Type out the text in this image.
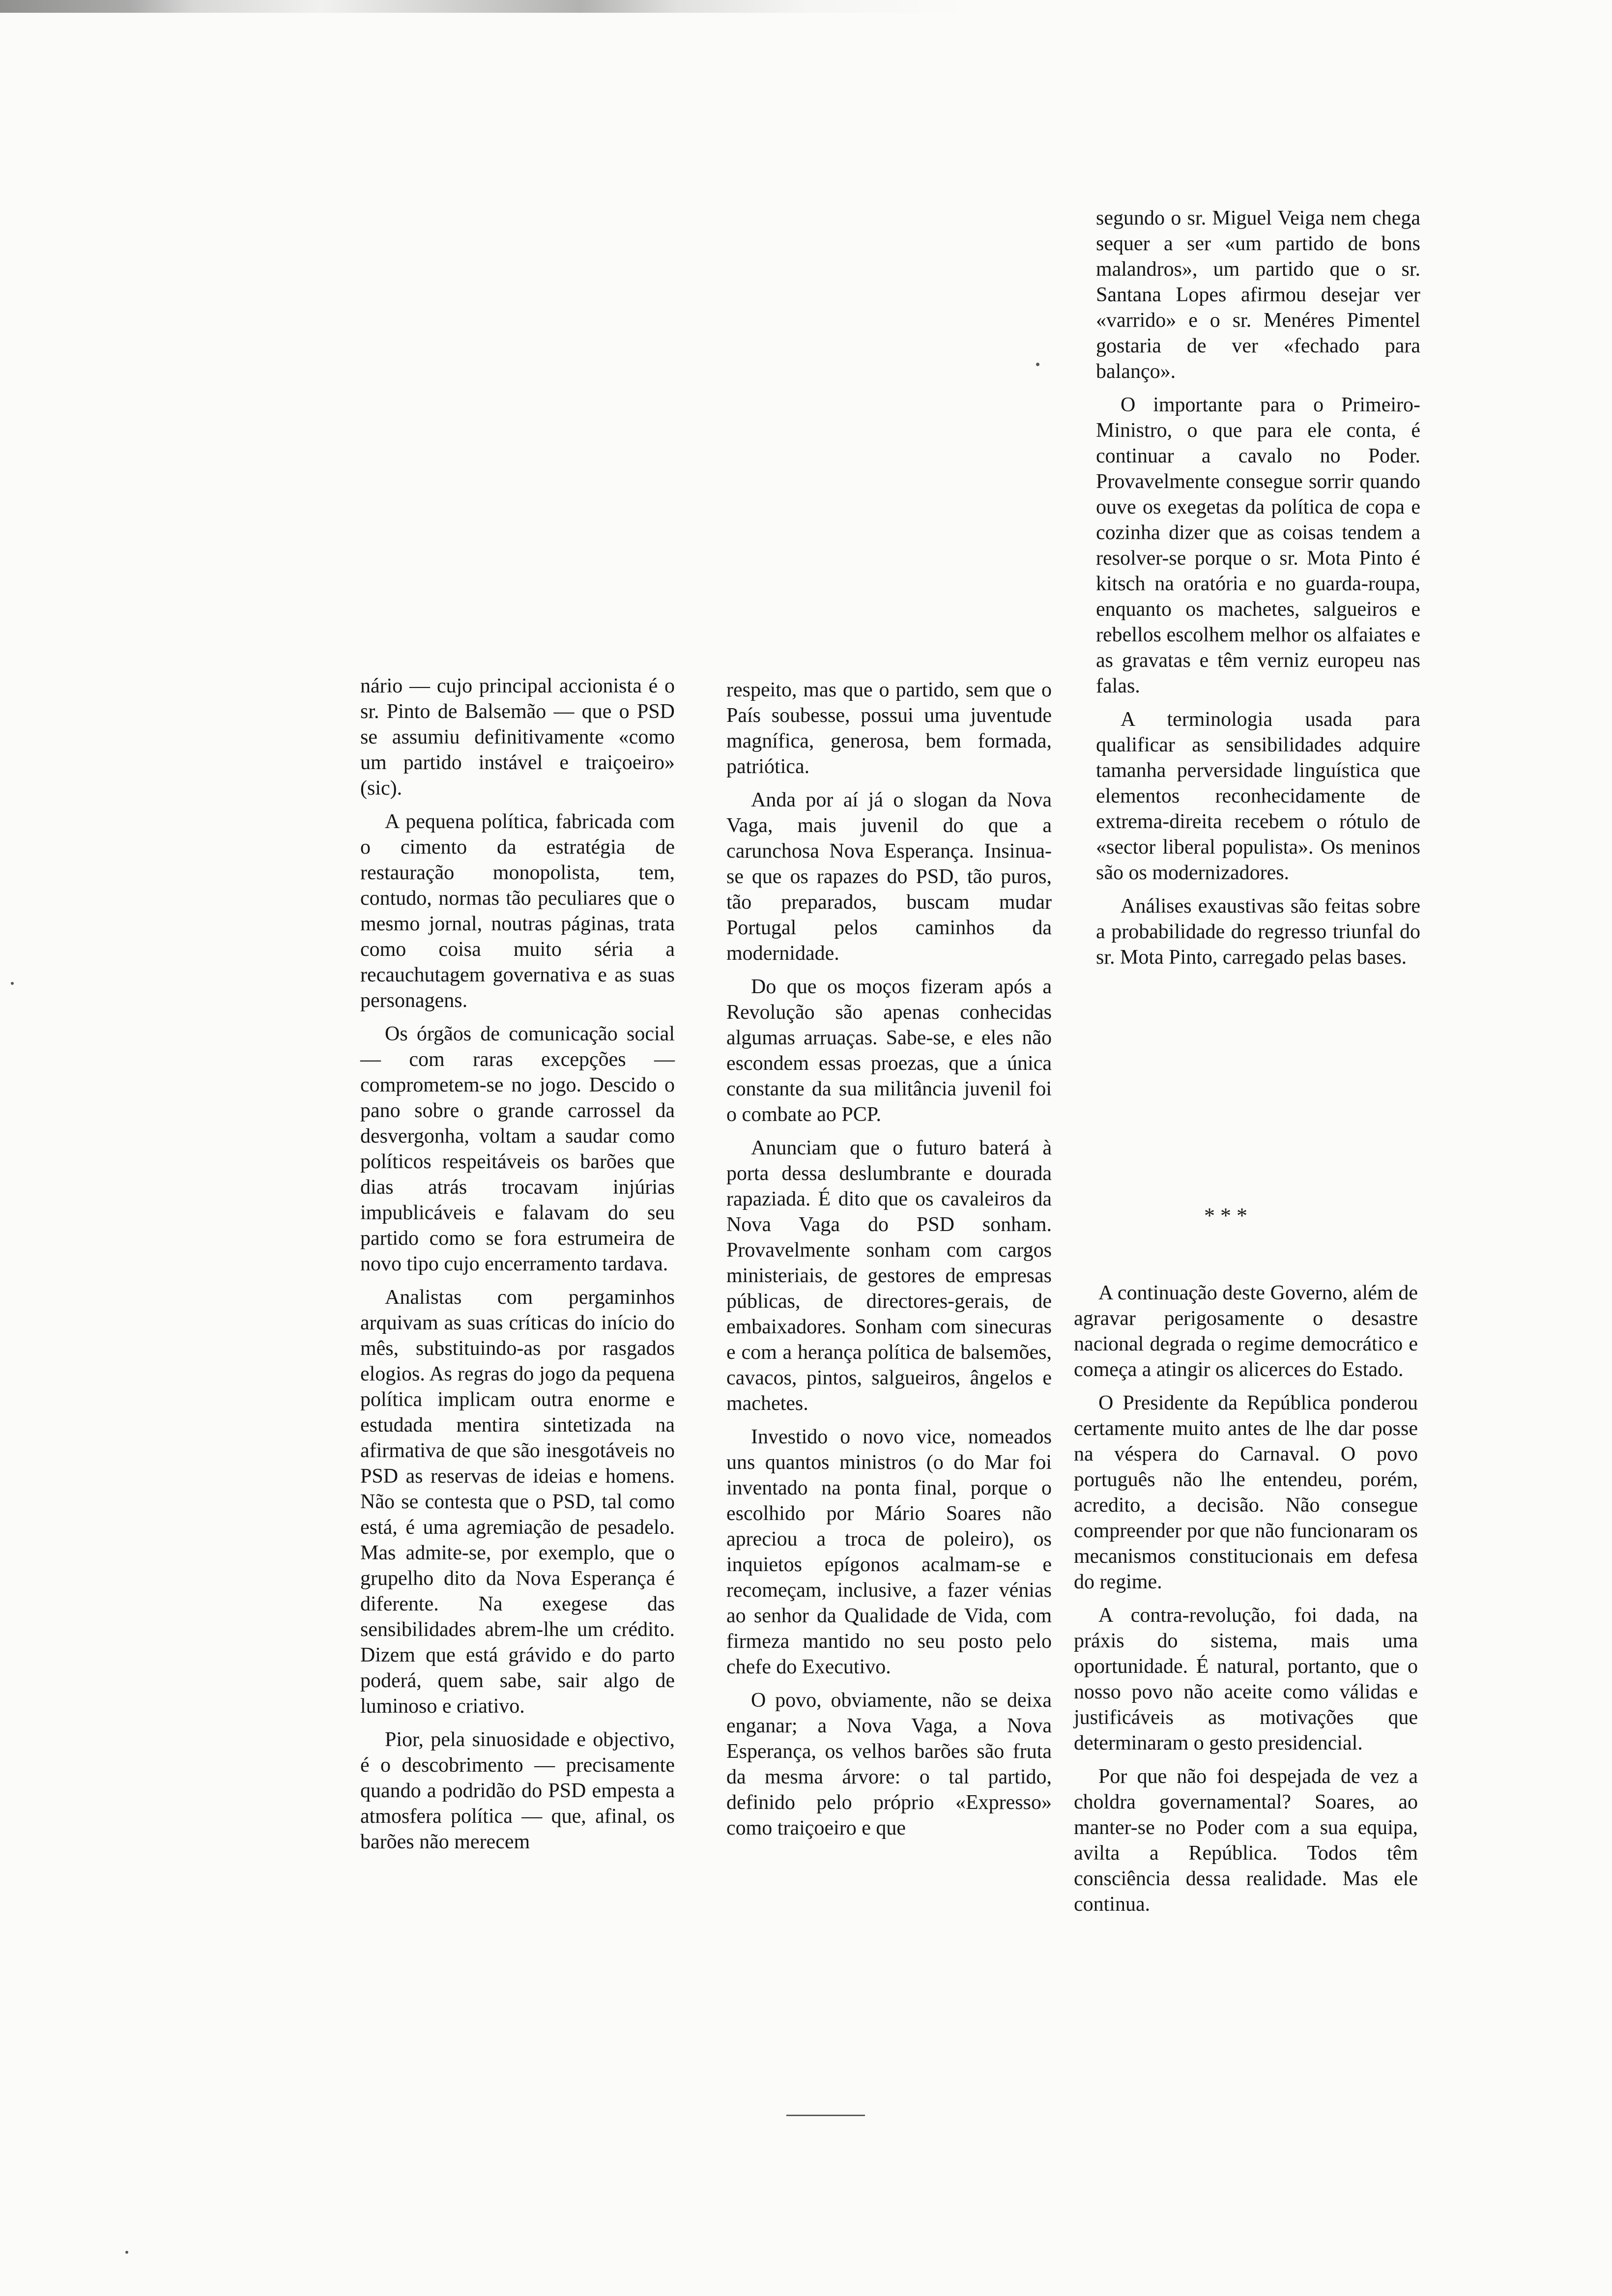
nário — cujo principal accionista é o sr. Pinto de Balsemão — que o PSD se assumiu definitivamente «como um partido instável e traiçoeiro» (sic).

A pequena política, fabricada com o cimento da estratégia de restauração monopolista, tem, contudo, normas tão peculiares que o mesmo jornal, noutras páginas, trata como coisa muito séria a recauchutagem governativa e as suas personagens.

Os órgãos de comunicação social — com raras excepções — comprometem-se no jogo. Descido o pano sobre o grande carrossel da desvergonha, voltam a saudar como políticos respeitáveis os barões que dias atrás trocavam injúrias impublicáveis e falavam do seu partido como se fora estrumeira de novo tipo cujo encerramento tardava.

Analistas com pergaminhos arquivam as suas críticas do início do mês, substituindo-as por rasgados elogios. As regras do jogo da pequena política implicam outra enorme e estudada mentira sintetizada na afirmativa de que são inesgotáveis no PSD as reservas de ideias e homens. Não se contesta que o PSD, tal como está, é uma agremiação de pesadelo. Mas admite-se, por exemplo, que o grupelho dito da Nova Esperança é diferente. Na exegese das sensibilidades abrem-lhe um crédito. Dizem que está grávido e do parto poderá, quem sabe, sair algo de luminoso e criativo.

Pior, pela sinuosidade e objectivo, é o descobrimento — precisamente quando a podridão do PSD empesta a atmosfera política — que, afinal, os barões não merecem

respeito, mas que o partido, sem que o País soubesse, possui uma juventude magnífica, generosa, bem formada, patriótica.

Anda por aí já o slogan da Nova Vaga, mais juvenil do que a carunchosa Nova Esperança. Insinua-se que os rapazes do PSD, tão puros, tão preparados, buscam mudar Portugal pelos caminhos da modernidade.

Do que os moços fizeram após a Revolução são apenas conhecidas algumas arruaças. Sabe-se, e eles não escondem essas proezas, que a única constante da sua militância juvenil foi o combate ao PCP.

Anunciam que o futuro baterá à porta dessa deslumbrante e dourada rapaziada. É dito que os cavaleiros da Nova Vaga do PSD sonham. Provavelmente sonham com cargos ministeriais, de gestores de empresas públicas, de directores-gerais, de embaixadores. Sonham com sinecuras e com a herança política de balsemões, cavacos, pintos, salgueiros, ângelos e machetes.

Investido o novo vice, nomeados uns quantos ministros (o do Mar foi inventado na ponta final, porque o escolhido por Mário Soares não apreciou a troca de poleiro), os inquietos epígonos acalmam-se e recomeçam, inclusive, a fazer vénias ao senhor da Qualidade de Vida, com firmeza mantido no seu posto pelo chefe do Executivo.

O povo, obviamente, não se deixa enganar; a Nova Vaga, a Nova Esperança, os velhos barões são fruta da mesma árvore: o tal partido, definido pelo próprio «Expresso» como traiçoeiro e que

segundo o sr. Miguel Veiga nem chega sequer a ser «um partido de bons malandros», um partido que o sr. Santana Lopes afirmou desejar ver «varrido» e o sr. Menéres Pimentel gostaria de ver «fechado para balanço».

O importante para o Primeiro-Ministro, o que para ele conta, é continuar a cavalo no Poder. Provavelmente consegue sorrir quando ouve os exegetas da política de copa e cozinha dizer que as coisas tendem a resolver-se porque o sr. Mota Pinto é kitsch na oratória e no guarda-roupa, enquanto os machetes, salgueiros e rebellos escolhem melhor os alfaiates e as gravatas e têm verniz europeu nas falas.

A terminologia usada para qualificar as sensibilidades adquire tamanha perversidade linguística que elementos reconhecidamente de extrema-direita recebem o rótulo de «sector liberal populista». Os meninos são os modernizadores.

Análises exaustivas são feitas sobre a probabilidade do regresso triunfal do sr. Mota Pinto, carregado pelas bases.

* * *

A continuação deste Governo, além de agravar perigosamente o desastre nacional degrada o regime democrático e começa a atingir os alicerces do Estado.

O Presidente da República ponderou certamente muito antes de lhe dar posse na véspera do Carnaval. O povo português não lhe entendeu, porém, acredito, a decisão. Não consegue compreender por que não funcionaram os mecanismos constitucionais em defesa do regime.

A contra-revolução, foi dada, na práxis do sistema, mais uma oportunidade. É natural, portanto, que o nosso povo não aceite como válidas e justificáveis as motivações que determinaram o gesto presidencial.

Por que não foi despejada de vez a choldra governamental? Soares, ao manter-se no Poder com a sua equipa, avilta a República. Todos têm consciência dessa realidade. Mas ele continua.
